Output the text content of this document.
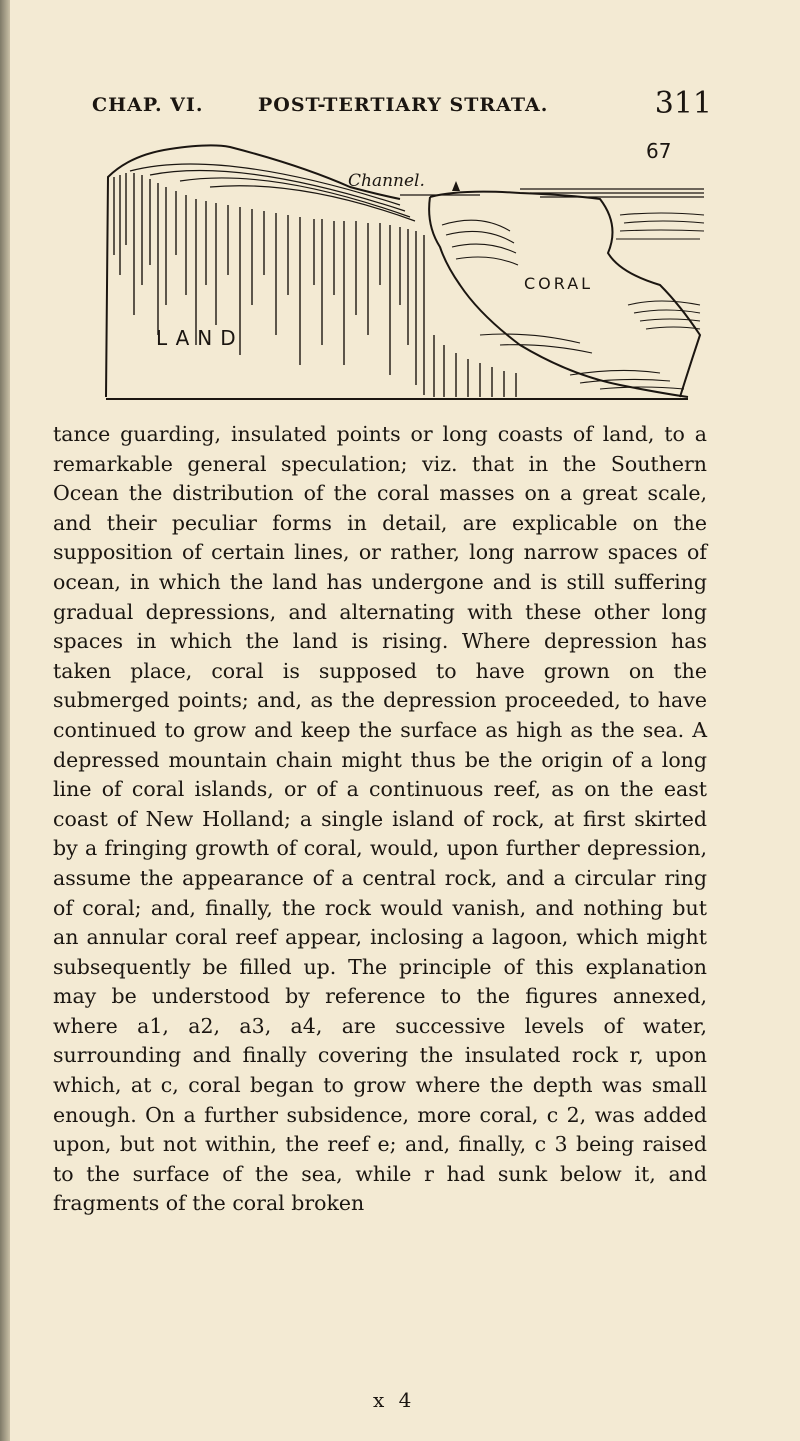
CHAP. VI.	POST-TERTIARY STRATA.	311
67
Channel.
CORAL
LAND

tance guarding, insulated points or long coasts of land, to a remarkable general speculation; viz. that in the Southern Ocean the distribution of the coral masses on a great scale, and their peculiar forms in detail, are explicable on the supposition of certain lines, or rather, long narrow spaces of ocean, in which the land has undergone and is still suffering gradual depressions, and alternating with these other long spaces in which the land is rising. Where depression has taken place, coral is supposed to have grown on the submerged points; and, as the depression proceeded, to have continued to grow and keep the surface as high as the sea. A depressed mountain chain might thus be the origin of a long line of coral islands, or of a continuous reef, as on the east coast of New Holland; a single island of rock, at first skirted by a fringing growth of coral, would, upon further depression, assume the appearance of a central rock, and a circular ring of coral; and, finally, the rock would vanish, and nothing but an annular coral reef appear, inclosing a lagoon, which might subsequently be filled up. The principle of this explanation may be understood by reference to the figures annexed, where a1, a2, a3, a4, are successive levels of water, surrounding and finally covering the insulated rock r, upon which, at c, coral began to grow where the depth was small enough. On a further subsidence, more coral, c 2, was added upon, but not within, the reef e; and, finally, c 3 being raised to the surface of the sea, while r had sunk below it, and fragments of the coral broken

x 4
